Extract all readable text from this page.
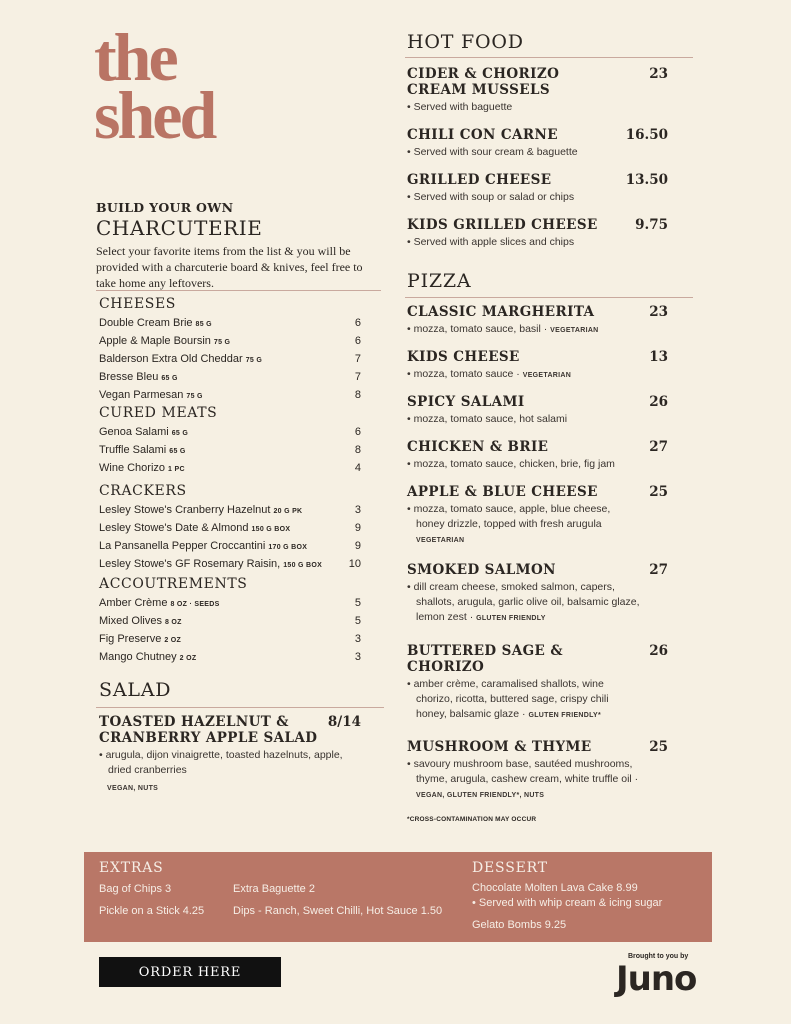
the
shed
BUILD YOUR OWN
CHARCUTERIE
Select your favorite items from the list & you will be provided with a charcuterie board & knives, feel free to take home any leftovers.
CHEESES
Double Cream Brie 85 G	6
Apple & Maple Boursin 75 G	6
Balderson Extra Old Cheddar 75 G	7
Bresse Bleu 65 G	7
Vegan Parmesan 75 G	8
CURED MEATS
Genoa Salami 65 G	6
Truffle Salami 65 G	8
Wine Chorizo 1 PC	4
CRACKERS
Lesley Stowe's Cranberry Hazelnut 20 G PK	3
Lesley Stowe's Date & Almond 150 G BOX	9
La Pansanella Pepper Croccantini 170 G BOX	9
Lesley Stowe's GF Rosemary Raisin, 150 G BOX 10
ACCOUTREMENTS
Amber Crème 8 OZ · SEEDS	5
Mixed Olives 8 OZ	5
Fig Preserve 2 OZ	3
Mango Chutney 2 OZ	3
SALAD
TOASTED HAZELNUT & CRANBERRY APPLE SALAD
8/14
• arugula, dijon vinaigrette, toasted hazelnuts, apple, dried cranberries
VEGAN, NUTS
HOT FOOD
CIDER & CHORIZO CREAM MUSSELS
23
• Served with baguette
CHILI CON CARNE	16.50
• Served with sour cream & baguette
GRILLED CHEESE	13.50
• Served with soup or salad or chips
KIDS GRILLED CHEESE	9.75
• Served with apple slices and chips
PIZZA
CLASSIC MARGHERITA	23
• mozza, tomato sauce, basil · VEGETARIAN
KIDS CHEESE	13
• mozza, tomato sauce · VEGETARIAN
SPICY SALAMI	26
• mozza, tomato sauce, hot salami
CHICKEN & BRIE	27
• mozza, tomato sauce, chicken, brie, fig jam
APPLE & BLUE CHEESE	25
• mozza, tomato sauce, apple, blue cheese, honey drizzle, topped with fresh arugula
VEGETARIAN
SMOKED SALMON	27
• dill cream cheese, smoked salmon, capers, shallots, arugula, garlic olive oil, balsamic glaze, lemon zest · GLUTEN FRIENDLY
BUTTERED SAGE & CHORIZO
26
• amber crème, caramalised shallots, wine chorizo, ricotta, buttered sage, crispy chili honey, balsamic glaze · GLUTEN FRIENDLY*
MUSHROOM & THYME	25
• savoury mushroom base, sautéed mushrooms, thyme, arugula, cashew cream, white truffle oil · VEGAN, GLUTEN FRIENDLY*, NUTS
*CROSS-CONTAMINATION MAY OCCUR
EXTRAS
Bag of Chips 3	Extra Baguette 2
Pickle on a Stick 4.25	Dips - Ranch, Sweet Chilli, Hot Sauce 1.50
DESSERT
Chocolate Molten Lava Cake 8.99
• Served with whip cream & icing sugar
Gelato Bombs 9.25
ORDER HERE
Brought to you by
Juno
